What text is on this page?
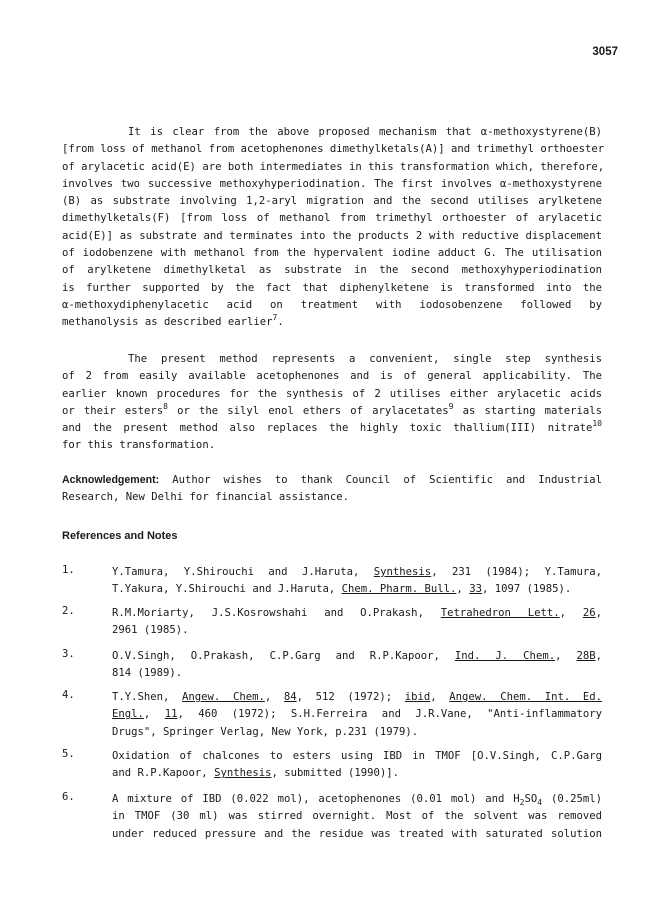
3057
It is clear from the above proposed mechanism that α-methoxystyrene(B)
[from loss of methanol from acetophenones dimethylketals(A)] and trimethyl orthoester
of arylacetic acid(E) are both intermediates in this transformation which, therefore,
involves two successive methoxyhyperiodination. The first involves α-methoxystyrene
(B) as substrate involving 1,2-aryl migration and the second utilises arylketene
dimethylketals(F) [from loss of methanol from trimethyl orthoester of arylacetic
acid(E)] as substrate and terminates into the products 2 with reductive displacement
of iodobenzene with methanol from the hypervalent iodine adduct G. The utilisation
of arylketene dimethylketal as substrate in the second methoxyhyperiodination
is further supported by the fact that diphenylketene is transformed into the
α-methoxydiphenylacetic acid on treatment with iodosobenzene followed by
methanolysis as described earlier$^7$.
The present method represents a convenient, single step synthesis
of 2 from easily available acetophenones and is of general applicability. The
earlier known procedures for the synthesis of 2 utilises either arylacetic acids
or their esters$^8$ or the silyl enol ethers of arylacetates$^9$ as starting materials
and the present method also replaces the highly toxic thallium(III) nitrate$^{10}$
for this transformation.
Acknowledgement: Author wishes to thank Council of Scientific and Industrial
Research, New Delhi for financial assistance.
References and Notes
1.	Y.Tamura, Y.Shirouchi and J.Haruta, Synthesis, 231 (1984); Y.Tamura,
T.Yakura, Y.Shirouchi and J.Haruta, Chem. Pharm. Bull., 33, 1097 (1985).
2.	R.M.Moriarty, J.S.Kosrowshahi and O.Prakash, Tetrahedron Lett., 26,
2961 (1985).
3.	O.V.Singh, O.Prakash, C.P.Garg and R.P.Kapoor, Ind. J. Chem., 28B,
814 (1989).
4.	T.Y.Shen, Angew. Chem., 84, 512 (1972); ibid, Angew. Chem. Int. Ed.
Engl., 11, 460 (1972); S.H.Ferreira and J.R.Vane, "Anti-inflammatory
Drugs", Springer Verlag, New York, p.231 (1979).
5.	Oxidation of chalcones to esters using IBD in TMOF [O.V.Singh, C.P.Garg
and R.P.Kapoor, Synthesis, submitted (1990)].
6.	A mixture of IBD (0.022 mol), acetophenones (0.01 mol) and $H_2SO_4$ (0.25ml)
in TMOF (30 ml) was stirred overnight. Most of the solvent was removed
under reduced pressure and the residue was treated with saturated solution
